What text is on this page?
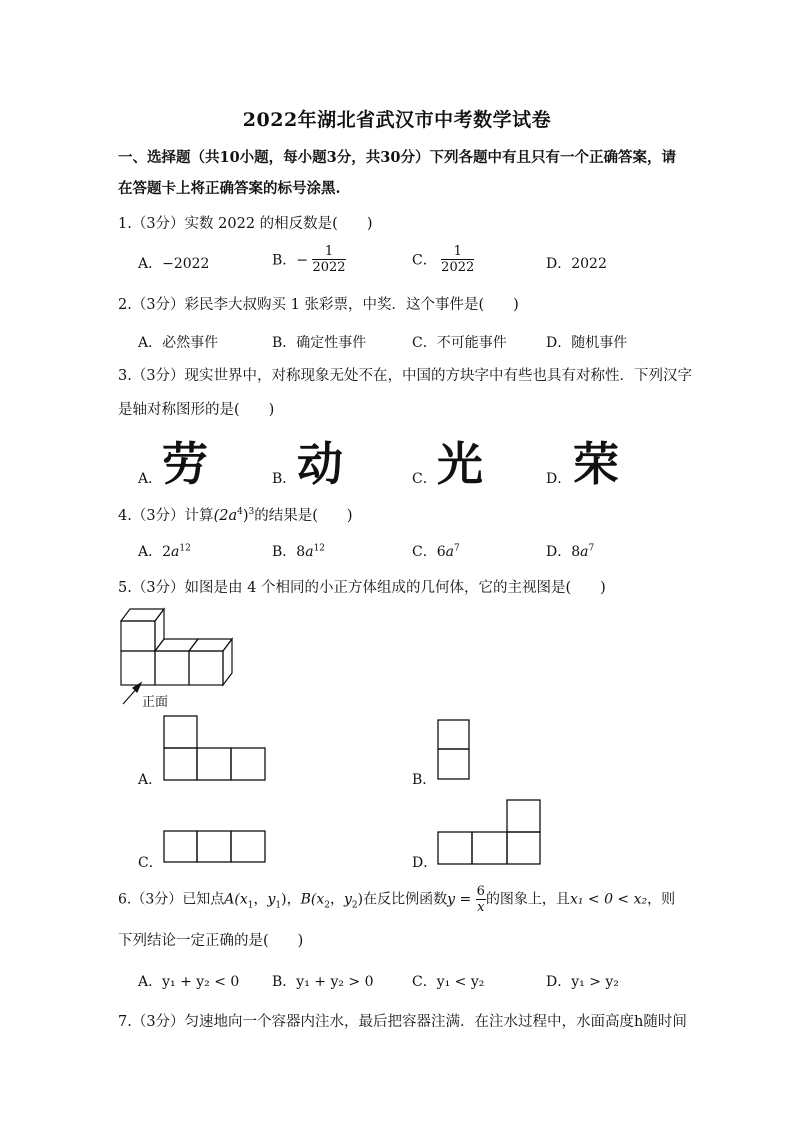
2022年湖北省武汉市中考数学试卷
一、选择题（共10小题，每小题3分，共30分）下列各题中有且只有一个正确答案，请
在答题卡上将正确答案的标号涂黑.
1.（3分）实数 2022 的相反数是(　　)
A．−2022	B．− $\frac{1}{2022}$	C． $\frac{1}{2022}$	D．2022
2.（3分）彩民李大叔购买 1 张彩票，中奖．这个事件是(　　)
A．必然事件	B．确定性事件	C．不可能事件	D．随机事件
3.（3分）现实世界中，对称现象无处不在，中国的方块字中有些也具有对称性．下列汉字
是轴对称图形的是(　　)
A． 劳	B． 动	C． 光	D． 荣
4.（3分）计算$(2a^4)^3$的结果是(　　)
A．$2a^{12}$	B．$8a^{12}$	C．$6a^7$	D．$8a^7$
5.（3分）如图是由 4 个相同的小正方体组成的几何体，它的主视图是(　　)
正面
A．	B．
C．	D．
6.（3分）已知点$A(x_1$，$y_1$)，$B(x_2$，$y_2$)在反比例函数$y = \frac{6}{x}$ 的图象上，且x₁ < 0 < x₂，则
下列结论一定正确的是(　　)
A．y₁ + y₂ < 0 B．y₁ + y₂ > 0	C．y₁ < y₂	D．y₁ > y₂
7.（3分）匀速地向一个容器内注水，最后把容器注满．在注水过程中，水面高度h随时间
